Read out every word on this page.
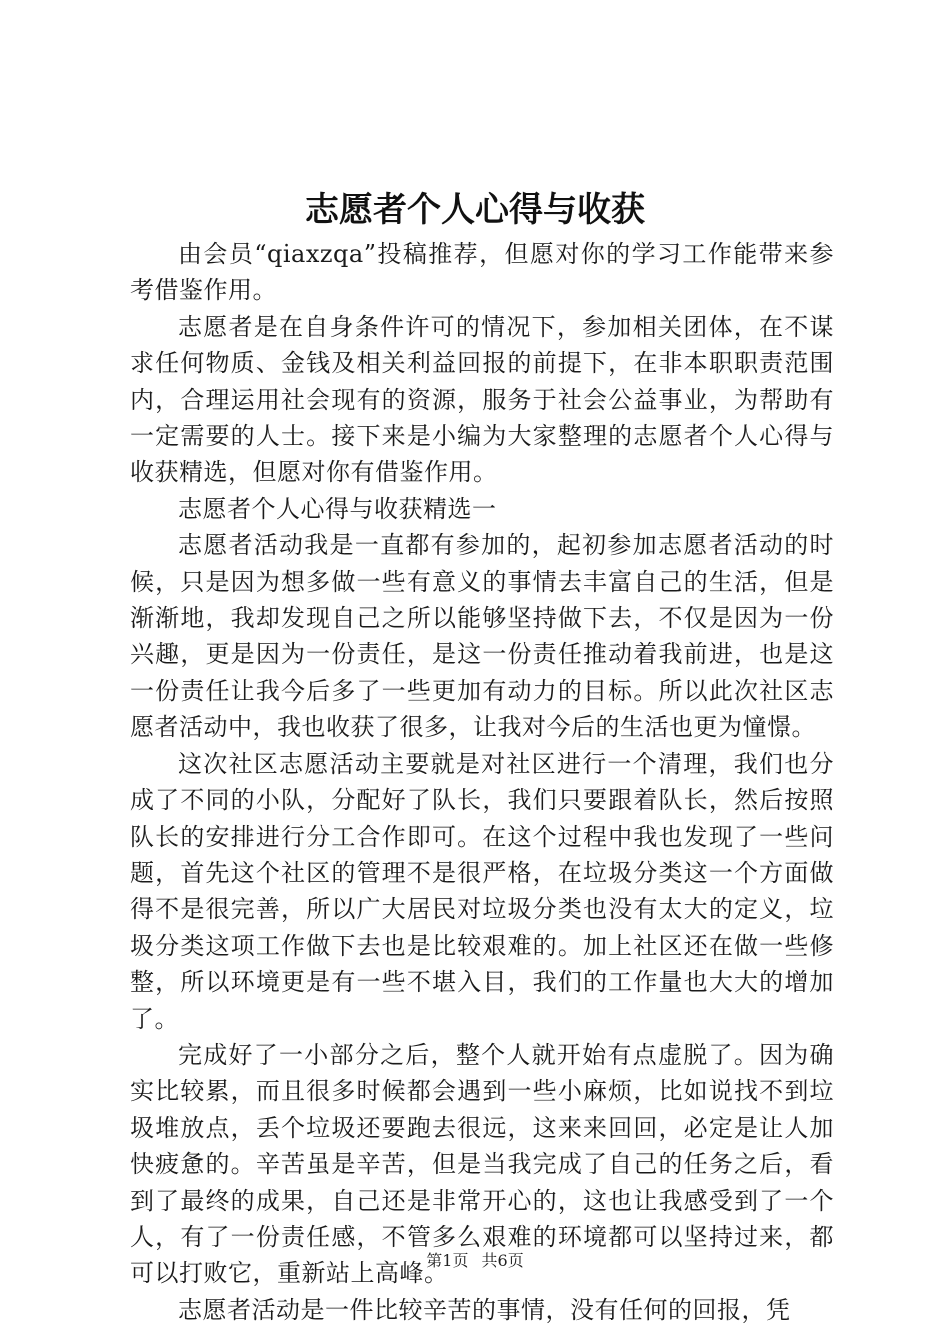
志愿者个人心得与收获

由会员“qiaxzqa”投稿推荐，但愿对你的学习工作能带来参考借鉴作用。

志愿者是在自身条件许可的情况下，参加相关团体，在不谋求任何物质、金钱及相关利益回报的前提下，在非本职职责范围内，合理运用社会现有的资源，服务于社会公益事业，为帮助有一定需要的人士。接下来是小编为大家整理的志愿者个人心得与收获精选，但愿对你有借鉴作用。

志愿者个人心得与收获精选一

志愿者活动我是一直都有参加的，起初参加志愿者活动的时候，只是因为想多做一些有意义的事情去丰富自己的生活，但是渐渐地，我却发现自己之所以能够坚持做下去，不仅是因为一份兴趣，更是因为一份责任，是这一份责任推动着我前进，也是这一份责任让我今后多了一些更加有动力的目标。所以此次社区志愿者活动中，我也收获了很多，让我对今后的生活也更为憧憬。

这次社区志愿活动主要就是对社区进行一个清理，我们也分成了不同的小队，分配好了队长，我们只要跟着队长，然后按照队长的安排进行分工合作即可。在这个过程中我也发现了一些问题，首先这个社区的管理不是很严格，在垃圾分类这一个方面做得不是很完善，所以广大居民对垃圾分类也没有太大的定义，垃圾分类这项工作做下去也是比较艰难的。加上社区还在做一些修整，所以环境更是有一些不堪入目，我们的工作量也大大的增加了。

完成好了一小部分之后，整个人就开始有点虚脱了。因为确实比较累，而且很多时候都会遇到一些小麻烦，比如说找不到垃圾堆放点，丢个垃圾还要跑去很远，这来来回回，必定是让人加快疲惫的。辛苦虽是辛苦，但是当我完成了自己的任务之后，看到了最终的成果，自己还是非常开心的，这也让我感受到了一个人，有了一份责任感，不管多么艰难的环境都可以坚持过来，都可以打败它，重新站上高峰。

志愿者活动是一件比较辛苦的事情，没有任何的回报，凭

第1页 共6页
